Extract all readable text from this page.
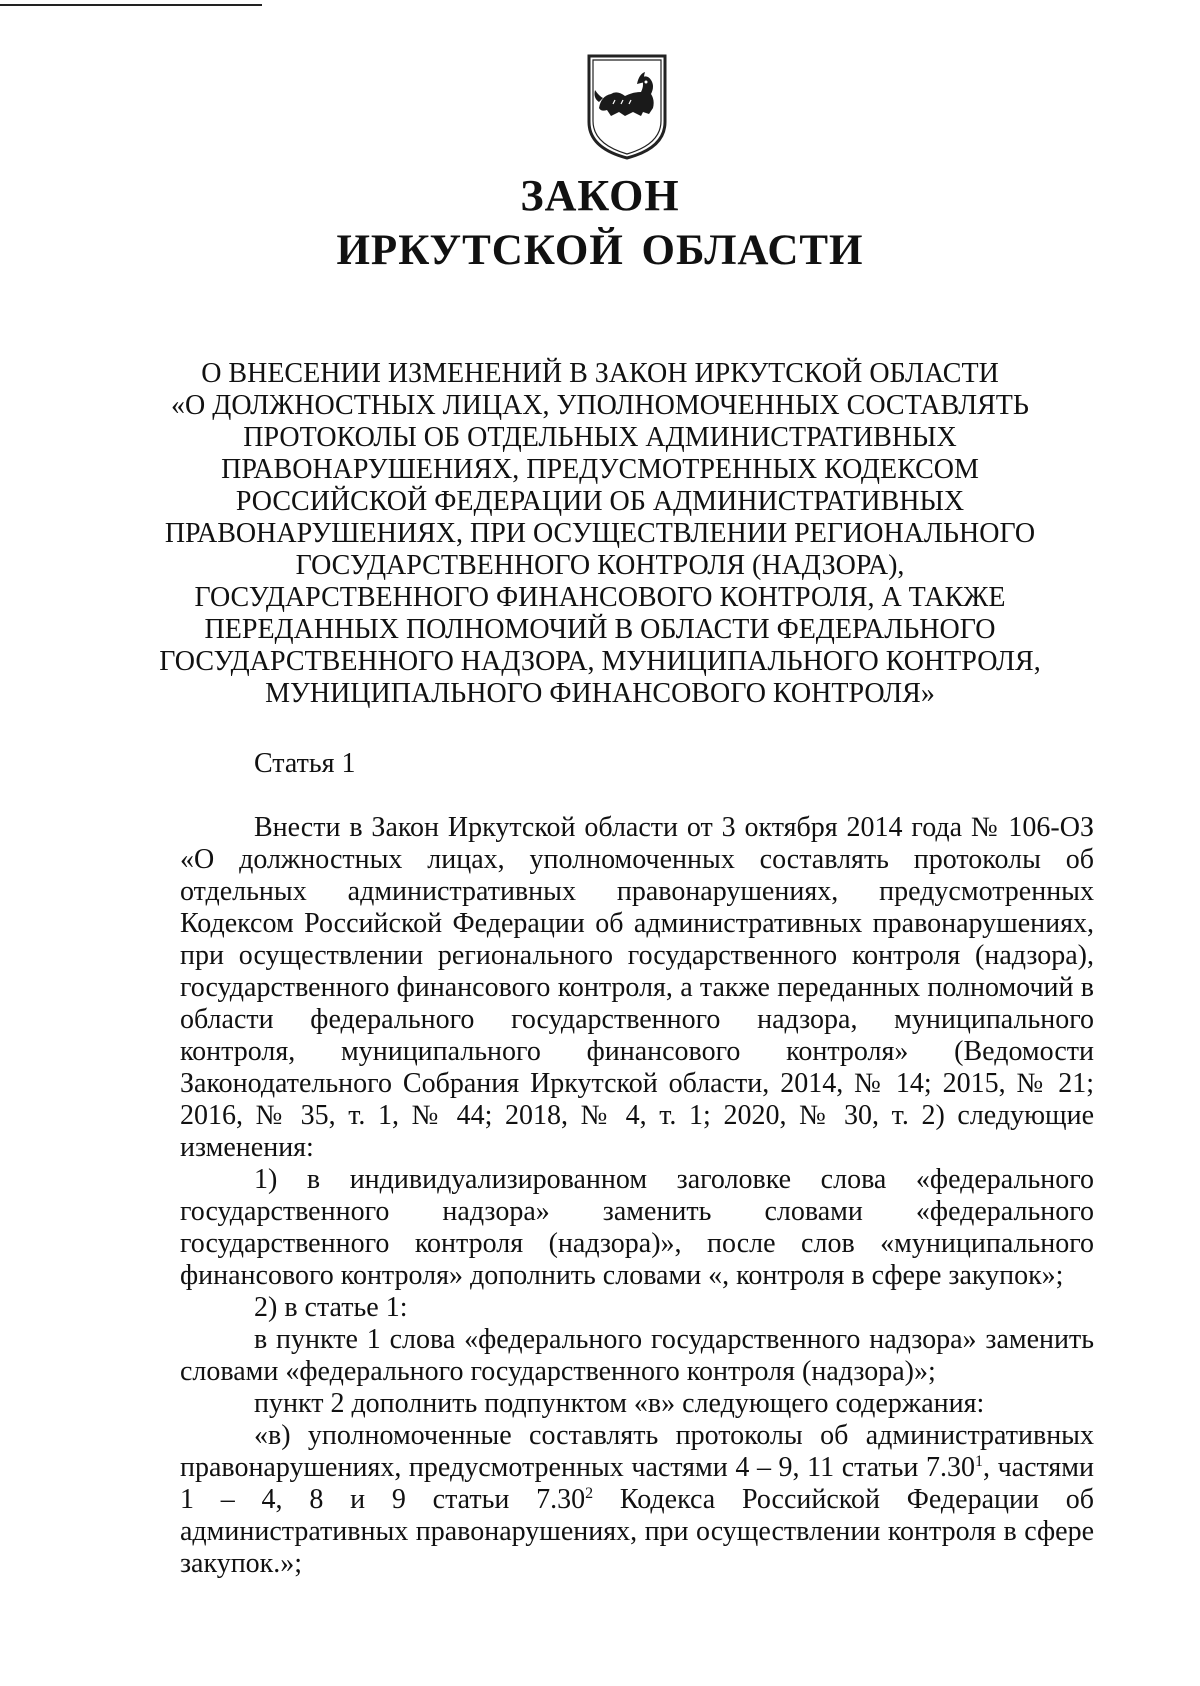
ЗАКОН
ИРКУТСКОЙ ОБЛАСТИ
О ВНЕСЕНИИ ИЗМЕНЕНИЙ В ЗАКОН ИРКУТСКОЙ ОБЛАСТИ
«О ДОЛЖНОСТНЫХ ЛИЦАХ, УПОЛНОМОЧЕННЫХ СОСТАВЛЯТЬ
ПРОТОКОЛЫ ОБ ОТДЕЛЬНЫХ АДМИНИСТРАТИВНЫХ
ПРАВОНАРУШЕНИЯХ, ПРЕДУСМОТРЕННЫХ КОДЕКСОМ
РОССИЙСКОЙ ФЕДЕРАЦИИ ОБ АДМИНИСТРАТИВНЫХ
ПРАВОНАРУШЕНИЯХ, ПРИ ОСУЩЕСТВЛЕНИИ РЕГИОНАЛЬНОГО
ГОСУДАРСТВЕННОГО КОНТРОЛЯ (НАДЗОРА),
ГОСУДАРСТВЕННОГО ФИНАНСОВОГО КОНТРОЛЯ, А ТАКЖЕ
ПЕРЕДАННЫХ ПОЛНОМОЧИЙ В ОБЛАСТИ ФЕДЕРАЛЬНОГО
ГОСУДАРСТВЕННОГО НАДЗОРА, МУНИЦИПАЛЬНОГО КОНТРОЛЯ,
МУНИЦИПАЛЬНОГО ФИНАНСОВОГО КОНТРОЛЯ»
Статья 1

Внести в Закон Иркутской области от 3 октября 2014 года № 106-ОЗ «О должностных лицах, уполномоченных составлять протоколы об отдельных административных правонарушениях, предусмотренных Кодексом Российской Федерации об административных правонарушениях, при осуществлении регионального государственного контроля (надзора), государственного финансового контроля, а также переданных полномочий в области федерального государственного надзора, муниципального контроля, муниципального финансового контроля» (Ведомости Законодательного Собрания Иркутской области, 2014, № 14; 2015, № 21; 2016, № 35, т. 1, № 44; 2018, № 4, т. 1; 2020, № 30, т. 2) следующие изменения:

1) в индивидуализированном заголовке слова «федерального государственного надзора» заменить словами «федерального государственного контроля (надзора)», после слов «муниципального финансового контроля» дополнить словами «, контроля в сфере закупок»;

2) в статье 1:

в пункте 1 слова «федерального государственного надзора» заменить словами «федерального государственного контроля (надзора)»;

пункт 2 дополнить подпунктом «в» следующего содержания:

«в) уполномоченные составлять протоколы об административных правонарушениях, предусмотренных частями 4 – 9, 11 статьи 7.30$^1$, частями 1 – 4, 8 и 9 статьи 7.30$^2$ Кодекса Российской Федерации об административных правонарушениях, при осуществлении контроля в сфере закупок.»;
